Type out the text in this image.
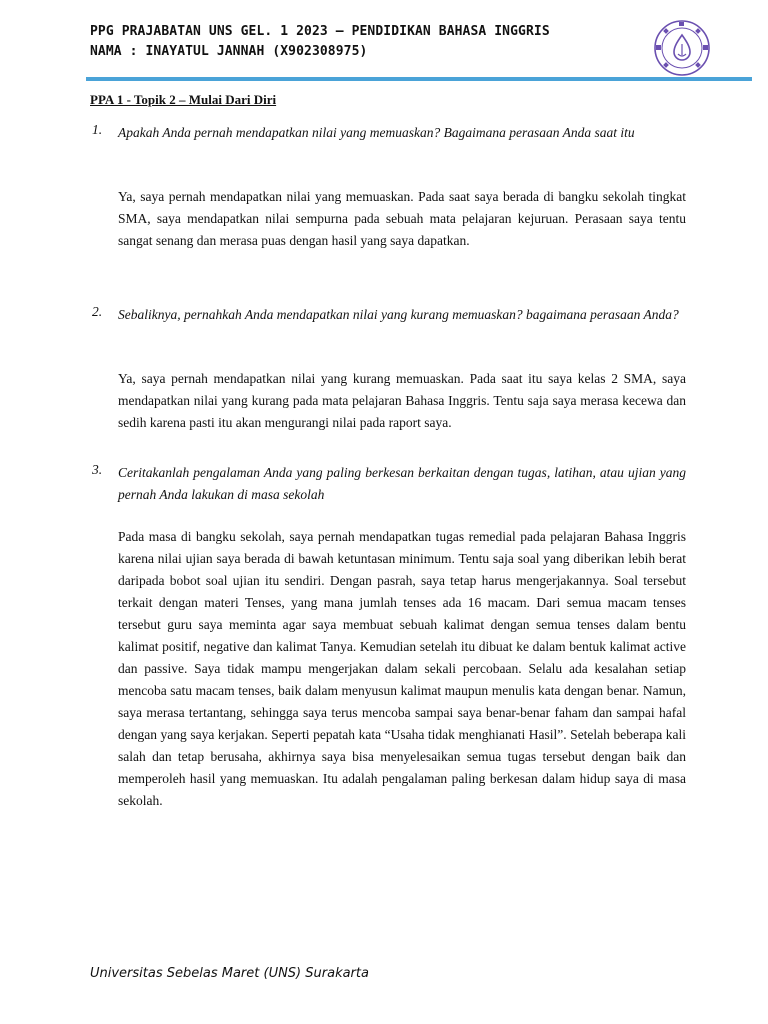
PPG PRAJABATAN UNS GEL. 1 2023 – PENDIDIKAN BAHASA INGGRIS
NAMA : INAYATUL JANNAH (X902308975)
PPA 1 - Topik 2 – Mulai Dari Diri
1. Apakah Anda pernah mendapatkan nilai yang memuaskan? Bagaimana perasaan Anda saat itu
Ya, saya pernah mendapatkan nilai yang memuaskan. Pada saat saya berada di bangku sekolah tingkat SMA, saya mendapatkan nilai sempurna pada sebuah mata pelajaran kejuruan. Perasaan saya tentu sangat senang dan merasa puas dengan hasil yang saya dapatkan.
2. Sebaliknya, pernahkah Anda mendapatkan nilai yang kurang memuaskan? bagaimana perasaan Anda?
Ya, saya pernah mendapatkan nilai yang kurang memuaskan. Pada saat itu saya kelas 2 SMA, saya mendapatkan nilai yang kurang pada mata pelajaran Bahasa Inggris. Tentu saja saya merasa kecewa dan sedih karena pasti itu akan mengurangi nilai pada raport saya.
3. Ceritakanlah pengalaman Anda yang paling berkesan berkaitan dengan tugas, latihan, atau ujian yang pernah Anda lakukan di masa sekolah
Pada masa di bangku sekolah, saya pernah mendapatkan tugas remedial pada pelajaran Bahasa Inggris karena nilai ujian saya berada di bawah ketuntasan minimum. Tentu saja soal yang diberikan lebih berat daripada bobot soal ujian itu sendiri. Dengan pasrah, saya tetap harus mengerjakannya. Soal tersebut terkait dengan materi Tenses, yang mana jumlah tenses ada 16 macam. Dari semua macam tenses tersebut guru saya meminta agar saya membuat sebuah kalimat dengan semua tenses dalam bentu kalimat positif, negative dan kalimat Tanya. Kemudian setelah itu dibuat ke dalam bentuk kalimat active dan passive. Saya tidak mampu mengerjakan dalam sekali percobaan. Selalu ada kesalahan setiap mencoba satu macam tenses, baik dalam menyusun kalimat maupun menulis kata dengan benar. Namun, saya merasa tertantang, sehingga saya terus mencoba sampai saya benar-benar faham dan sampai hafal dengan yang saya kerjakan. Seperti pepatah kata “Usaha tidak menghianati Hasil”. Setelah beberapa kali salah dan tetap berusaha, akhirnya saya bisa menyelesaikan semua tugas tersebut dengan baik dan memperoleh hasil yang memuaskan. Itu adalah pengalaman paling berkesan dalam hidup saya di masa sekolah.
Universitas Sebelas Maret (UNS) Surakarta
